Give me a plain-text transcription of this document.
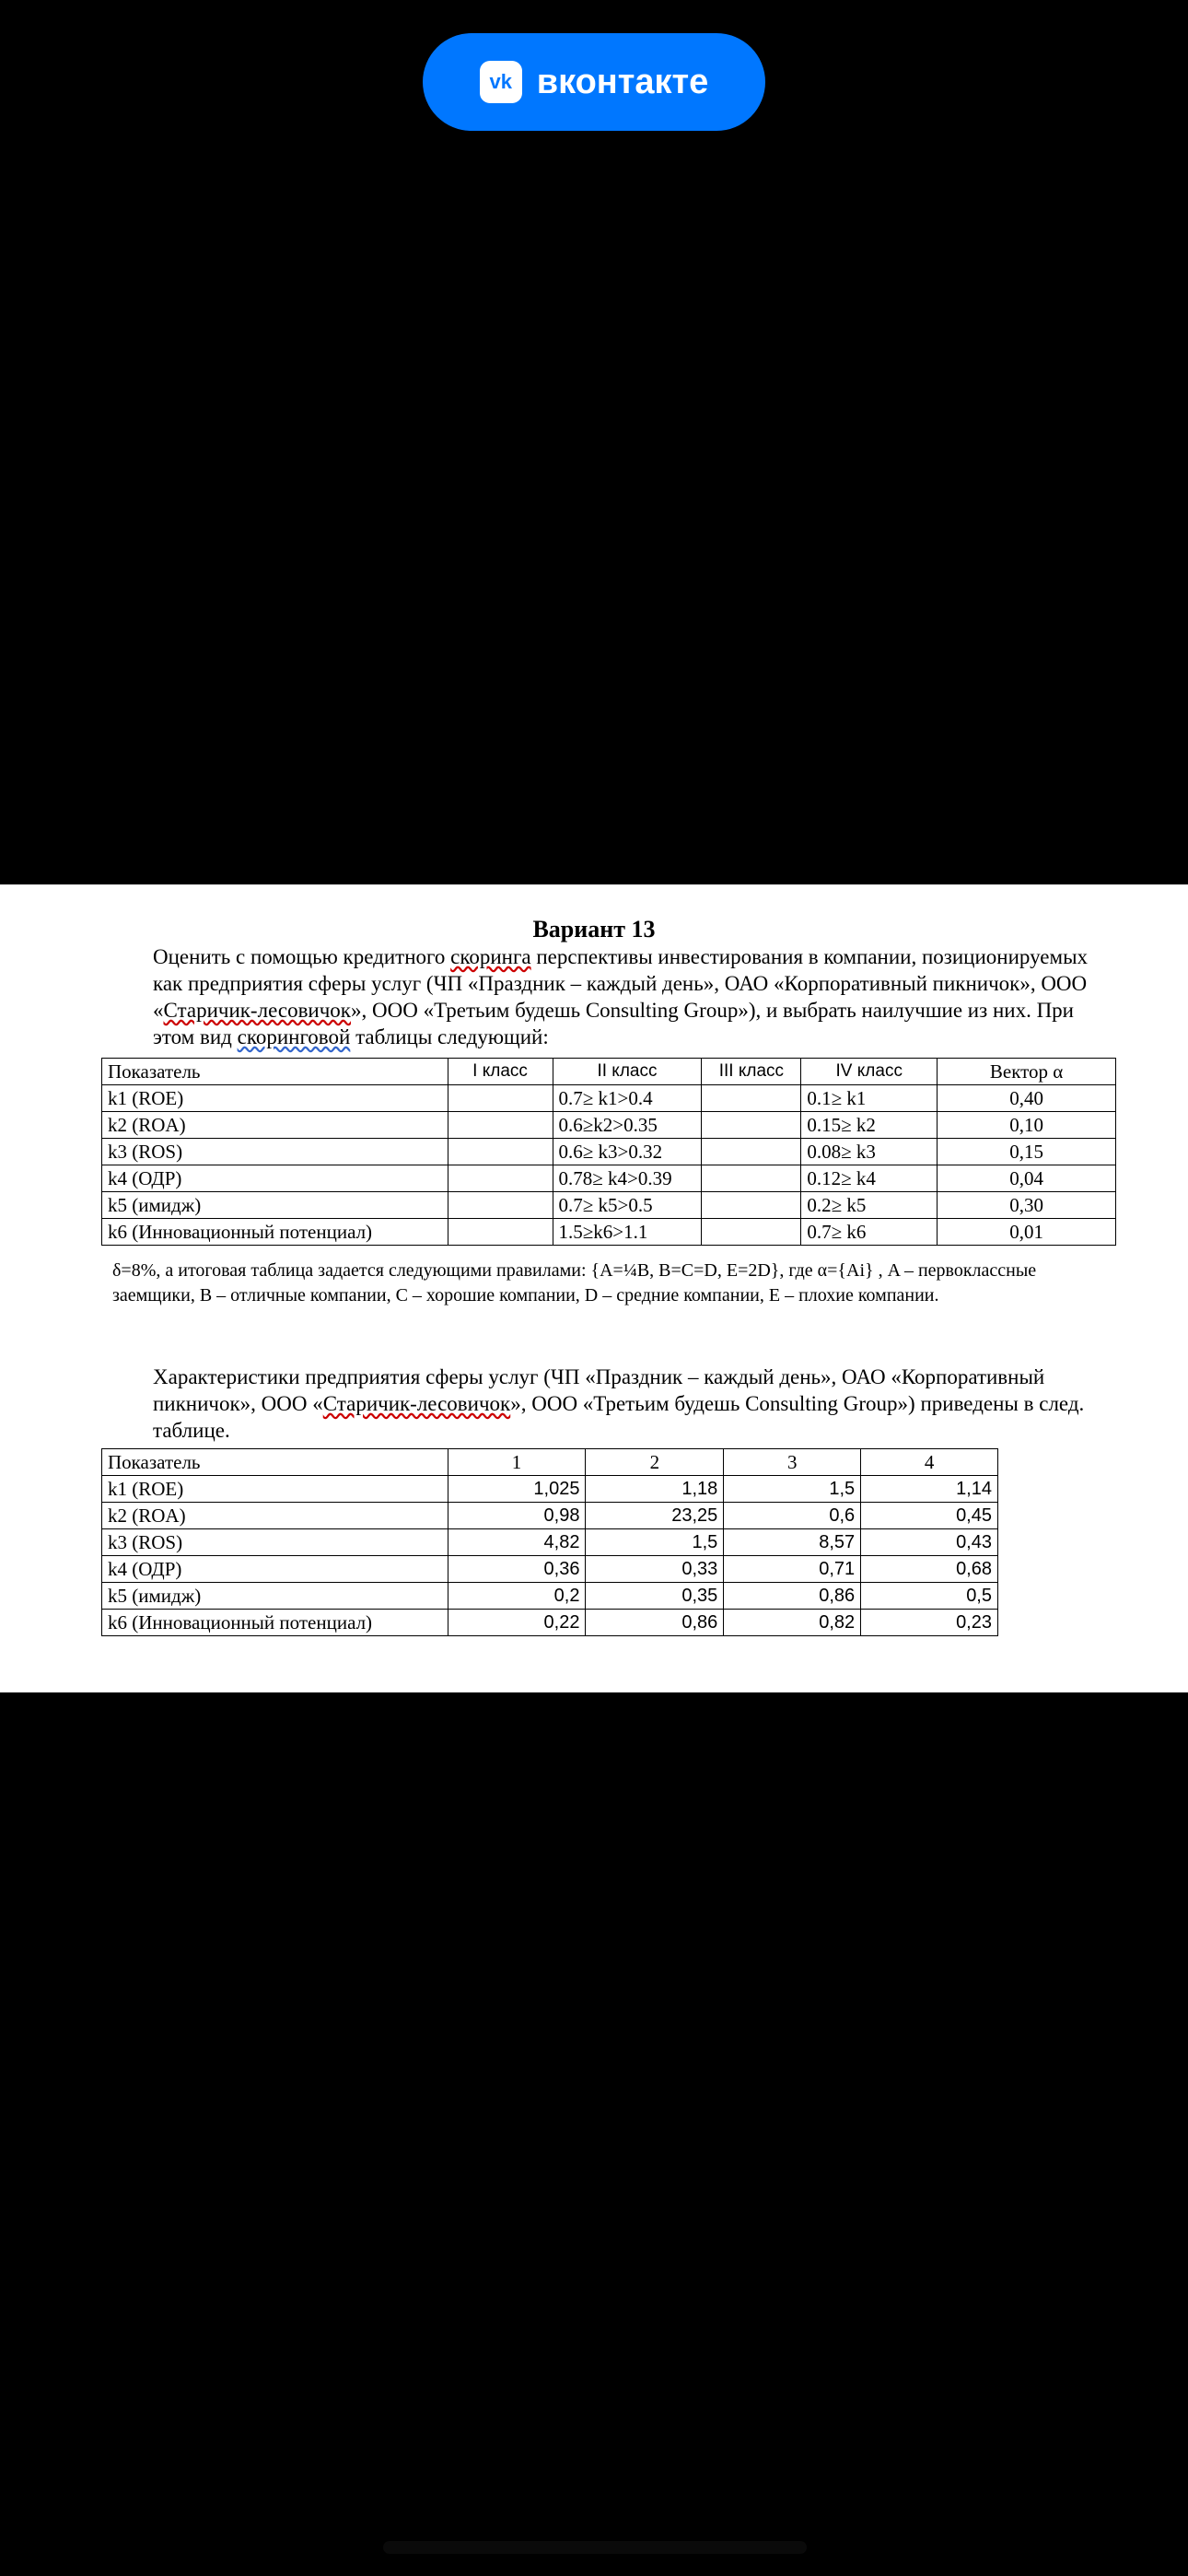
vk вконтакте
Вариант 13
Оценить с помощью кредитного скоринга перспективы инвестирования в компании, позиционируемых как предприятия сферы услуг (ЧП «Праздник – каждый день», ОАО «Корпоративный пикничок», ООО «Старичик-лесовичок», ООО «Третьим будешь Consulting Group»), и выбрать наилучшие из них. При этом вид скоринговой таблицы следующий:
Показатель	I класс	II класс	III класс	IV класс	Вектор α
k1 (ROE)		0.7≥ k1>0.4		0.1≥ k1	0,40
k2 (ROA)		0.6≥k2>0.35		0.15≥ k2	0,10
k3 (ROS)		0.6≥ k3>0.32		0.08≥ k3	0,15
k4 (ОДР)		0.78≥ k4>0.39		0.12≥ k4	0,04
k5 (имидж)		0.7≥ k5>0.5		0.2≥ k5	0,30
k6 (Инновационный потенциал)		1.5≥k6>1.1		0.7≥ k6	0,01
δ=8%, а итоговая таблица задается следующими правилами: {A=¼B, B=C=D, E=2D}, где α={Ai} , A – первоклассные заемщики, B – отличные компании, C – хорошие компании, D – средние компании, E – плохие компании.
Характеристики предприятия сферы услуг (ЧП «Праздник – каждый день», ОАО «Корпоративный пикничок», ООО «Старичик-лесовичок», ООО «Третьим будешь Consulting Group») приведены в след. таблице.
Показатель	1	2	3	4
k1 (ROE)	1,025	1,18	1,5	1,14
k2 (ROA)	0,98	23,25	0,6	0,45
k3 (ROS)	4,82	1,5	8,57	0,43
k4 (ОДР)	0,36	0,33	0,71	0,68
k5 (имидж)	0,2	0,35	0,86	0,5
k6 (Инновационный потенциал)	0,22	0,86	0,82	0,23
